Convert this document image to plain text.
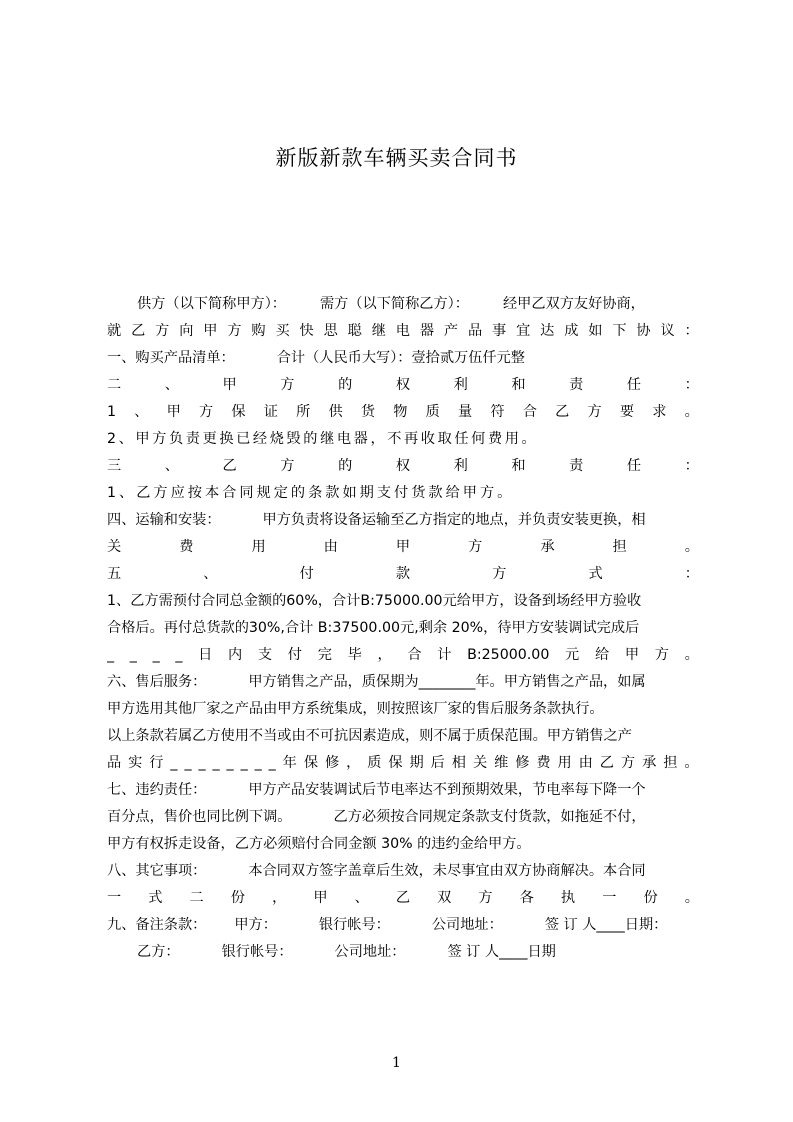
新版新款车辆买卖合同书
供方（以下简称甲方）： 需方（以下简称乙方）： 经甲乙双方友好协商，
就 乙 方 向 甲 方 购 买 快 思 聪 继 电 器 产 品 事 宜 达 成 如 下 协 议 ：
一、购买产品清单：	合计（人民币大写）：壹拾贰万伍仟元整
二	、	甲	方	的	权	利	和	责	任	：
1 、 甲 方 保 证 所 供 货 物 质 量 符 合 乙 方 要 求 。
2、甲方负责更换已经烧毁的继电器，不再收取任何费用。
三	、	乙	方	的	权	利	和	责	任	：
1、乙方应按本合同规定的条款如期支付货款给甲方。
四、运输和安装：	甲方负责将设备运输至乙方指定的地点，并负责安装更换，相
关	费	用	由	甲	方	承	担	。
五	、	付	款	方	式	：
1、乙方需预付合同总金额的60%，合计B:75000.00元给甲方，设备到场经甲方验收
合格后。再付总货款的30%,合计 B:37500.00元,剩余 20%，待甲方安装调试完成后
_ _ _ _ 日 内 支 付 完 毕 ， 合 计 B:25000.00 元 给 甲 方 。
六、售后服务：	甲方销售之产品，质保期为________年。甲方销售之产品，如属
甲方选用其他厂家之产品由甲方系统集成，则按照该厂家的售后服务条款执行。
以上条款若属乙方使用不当或由不可抗因素造成，则不属于质保范围。甲方销售之产
品 实 行 _ _ _ _ _ _ _ _ 年 保 修 ， 质 保 期 后 相 关 维 修 费 用 由 乙 方 承 担 。
七、违约责任：	甲方产品安装调试后节电率达不到预期效果，节电率每下降一个
百分点，售价也同比例下调。	乙方必须按合同规定条款支付货款，如拖延不付，
甲方有权拆走设备，乙方必须赔付合同金额 30% 的违约金给甲方。
八、其它事项：	本合同双方签字盖章后生效，未尽事宜由双方协商解决。本合同
一 式 二 份 ， 甲 、 乙 双 方 各 执 一 份 。
九、备注条款： 甲方：	银行帐号：	公司地址：	签 订 人____日期：
乙方：	银行帐号：	公司地址：	签 订 人____日期
1
